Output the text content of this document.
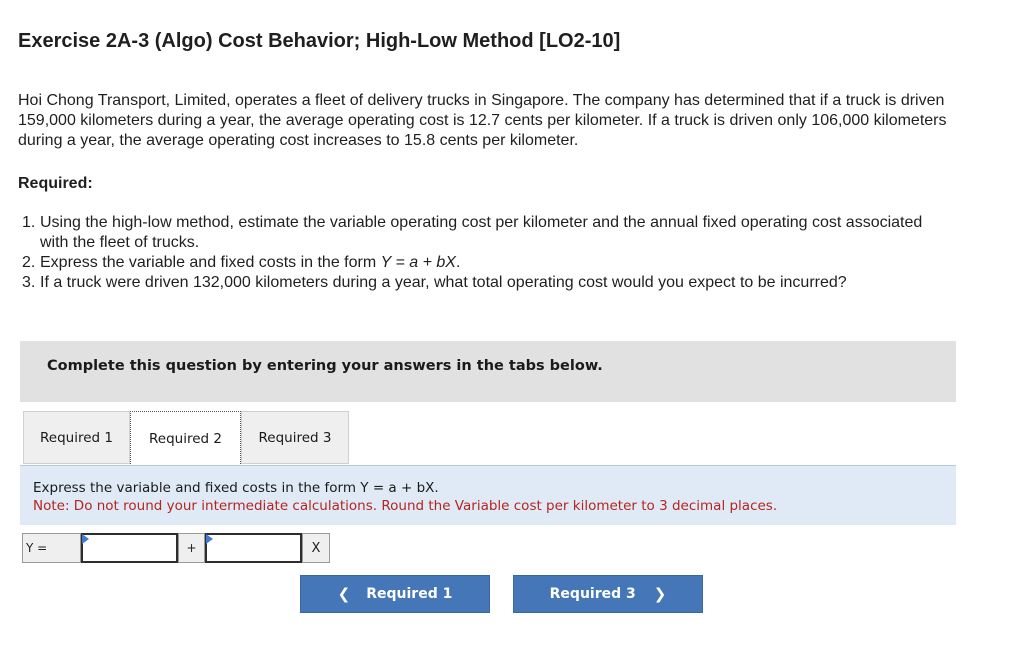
Exercise 2A-3 (Algo) Cost Behavior; High-Low Method [LO2-10]
Hoi Chong Transport, Limited, operates a fleet of delivery trucks in Singapore. The company has determined that if a truck is driven 159,000 kilometers during a year, the average operating cost is 12.7 cents per kilometer. If a truck is driven only 106,000 kilometers during a year, the average operating cost increases to 15.8 cents per kilometer.
Required:
1. Using the high-low method, estimate the variable operating cost per kilometer and the annual fixed operating cost associated with the fleet of trucks.
2. Express the variable and fixed costs in the form Y = a + bX.
3. If a truck were driven 132,000 kilometers during a year, what total operating cost would you expect to be incurred?
Complete this question by entering your answers in the tabs below.
Required 1	Required 2	Required 3
Express the variable and fixed costs in the form Y = a + bX.
Note: Do not round your intermediate calculations. Round the Variable cost per kilometer to 3 decimal places.
Y =	+	X
❮ Required 1	Required 3 ❯
